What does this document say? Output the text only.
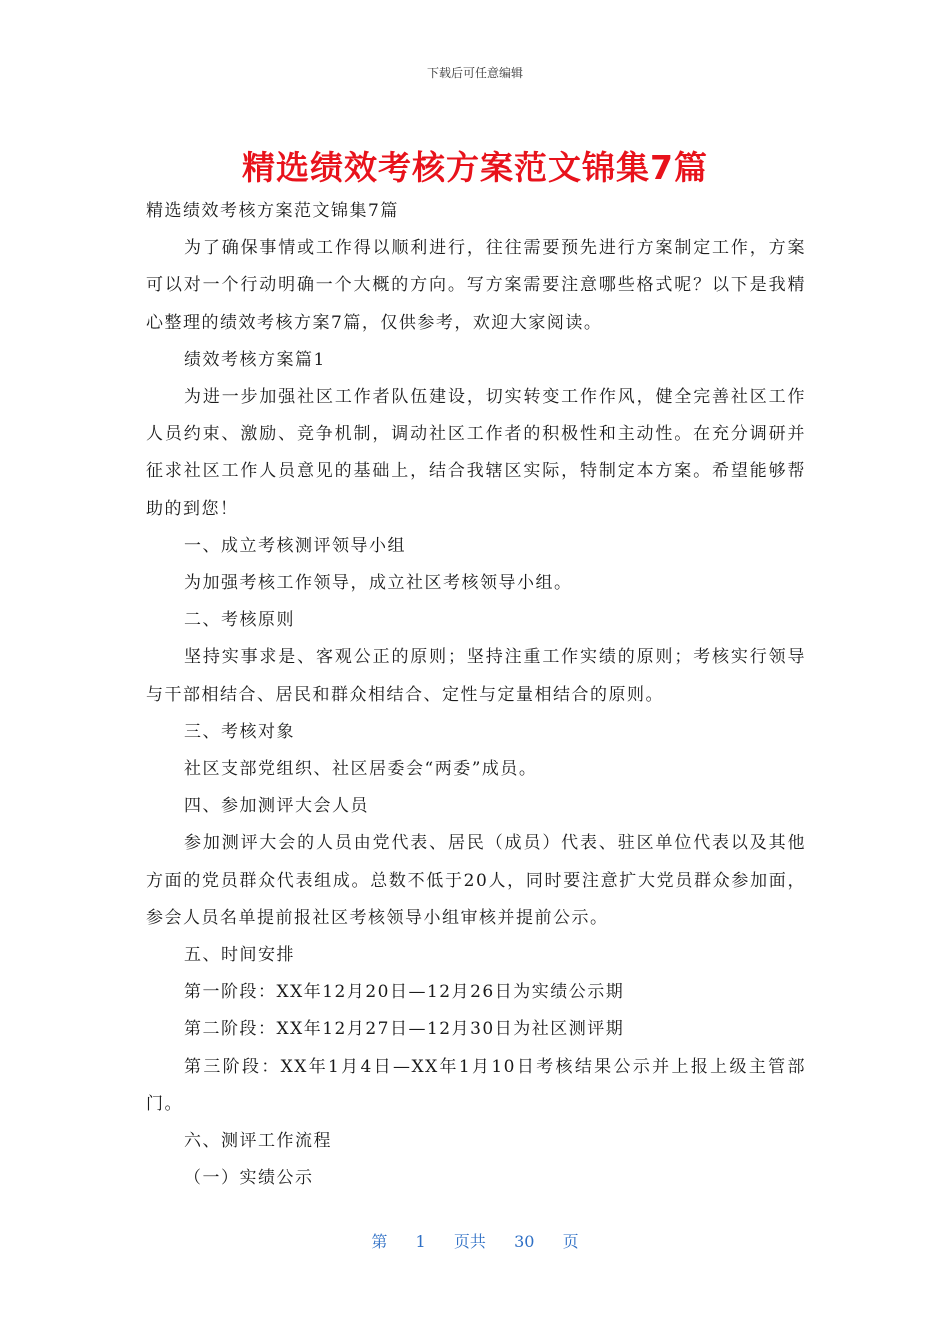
下载后可任意编辑
精选绩效考核方案范文锦集7篇

精选绩效考核方案范文锦集7篇

为了确保事情或工作得以顺利进行，往往需要预先进行方案制定工作，方案可以对一个行动明确一个大概的方向。写方案需要注意哪些格式呢？以下是我精心整理的绩效考核方案7篇，仅供参考，欢迎大家阅读。

绩效考核方案篇1

为进一步加强社区工作者队伍建设，切实转变工作作风，健全完善社区工作人员约束、激励、竞争机制，调动社区工作者的积极性和主动性。在充分调研并征求社区工作人员意见的基础上，结合我辖区实际，特制定本方案。希望能够帮助的到您！

一、成立考核测评领导小组

为加强考核工作领导，成立社区考核领导小组。

二、考核原则

坚持实事求是、客观公正的原则；坚持注重工作实绩的原则；考核实行领导与干部相结合、居民和群众相结合、定性与定量相结合的原则。

三、考核对象

社区支部党组织、社区居委会“两委”成员。

四、参加测评大会人员

参加测评大会的人员由党代表、居民（成员）代表、驻区单位代表以及其他方面的党员群众代表组成。总数不低于20人，同时要注意扩大党员群众参加面，参会人员名单提前报社区考核领导小组审核并提前公示。

五、时间安排

第一阶段：XX年12月20日—12月26日为实绩公示期

第二阶段：XX年12月27日—12月30日为社区测评期

第三阶段：XX年1月4日—XX年1月10日考核结果公示并上报上级主管部门。

六、测评工作流程

（一）实绩公示

第 1 页共 30 页
